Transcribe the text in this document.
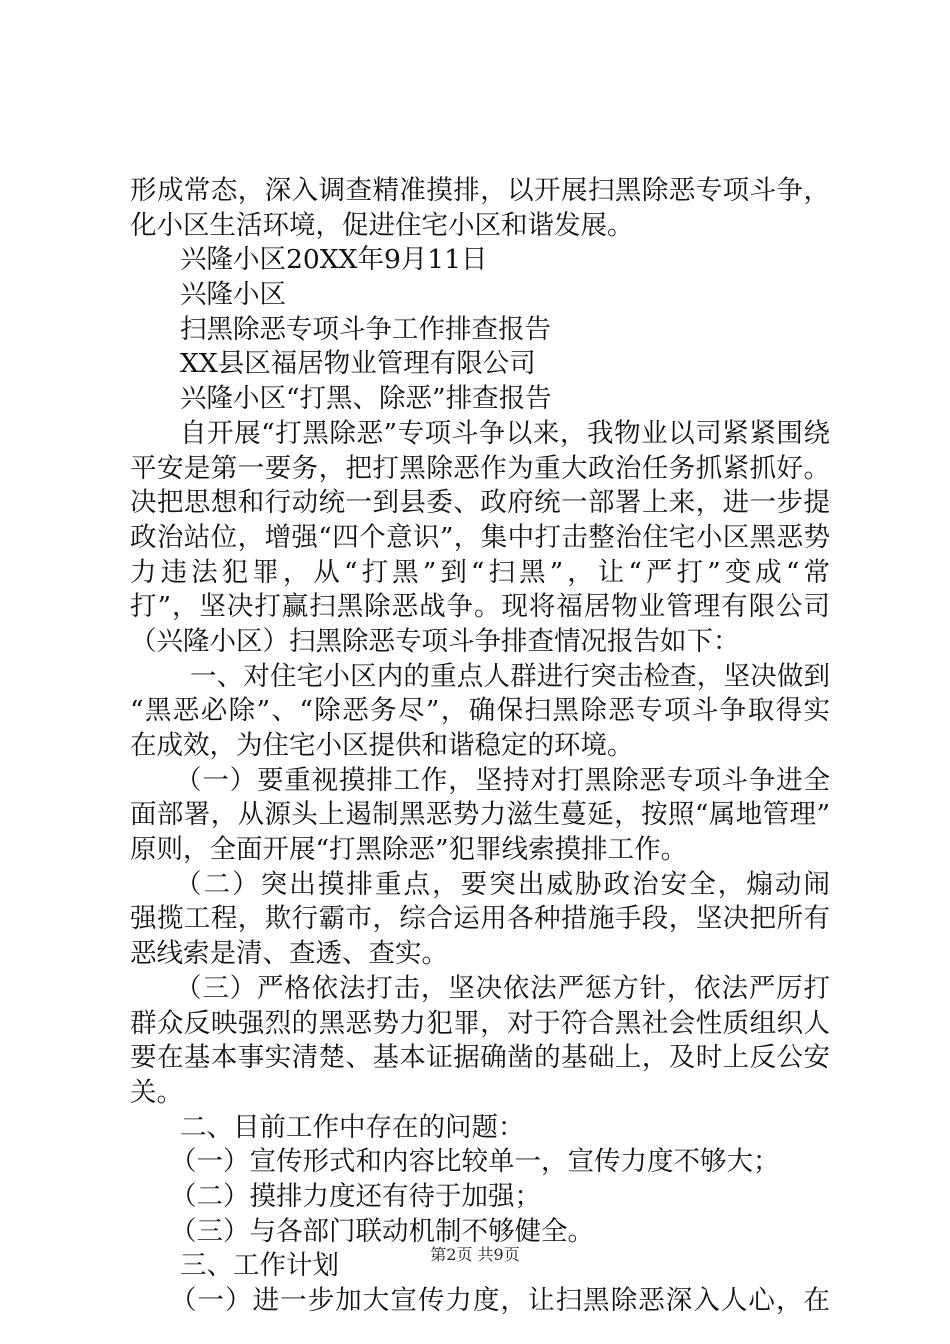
形成常态，深入调查精准摸排，以开展扫黑除恶专项斗争，
化小区生活环境，促进住宅小区和谐发展。
兴隆小区20XX年9月11日
兴隆小区
扫黑除恶专项斗争工作排查报告
XX县区福居物业管理有限公司
兴隆小区“打黑、除恶”排查报告
自开展“打黑除恶”专项斗争以来，我物业以司紧紧围绕
平安是第一要务，把打黑除恶作为重大政治任务抓紧抓好。
决把思想和行动统一到县委、政府统一部署上来，进一步提
政治站位，增强“四个意识”，集中打击整治住宅小区黑恶势
力违法犯罪，从“打黑”到“扫黑”，让“严打”变成“常
打”，坚决打赢扫黑除恶战争。现将福居物业管理有限公司
（兴隆小区）扫黑除恶专项斗争排查情况报告如下：
一、对住宅小区内的重点人群进行突击检查，坚决做到
“黑恶必除”、“除恶务尽”，确保扫黑除恶专项斗争取得实
在成效，为住宅小区提供和谐稳定的环境。
（一）要重视摸排工作，坚持对打黑除恶专项斗争进全
面部署，从源头上遏制黑恶势力滋生蔓延，按照“属地管理”
原则，全面开展“打黑除恶”犯罪线索摸排工作。
（二）突出摸排重点，要突出威胁政治安全，煽动闹
强揽工程，欺行霸市，综合运用各种措施手段，坚决把所有
恶线索是清、查透、查实。
（三）严格依法打击，坚决依法严惩方针，依法严厉打
群众反映强烈的黑恶势力犯罪，对于符合黑社会性质组织人
要在基本事实清楚、基本证据确凿的基础上，及时上反公安
关。
二、目前工作中存在的问题：
（一）宣传形式和内容比较单一，宣传力度不够大；
（二）摸排力度还有待于加强；
（三）与各部门联动机制不够健全。
三、工作计划
（一）进一步加大宣传力度，让扫黑除恶深入人心，在
第2页 共9页
